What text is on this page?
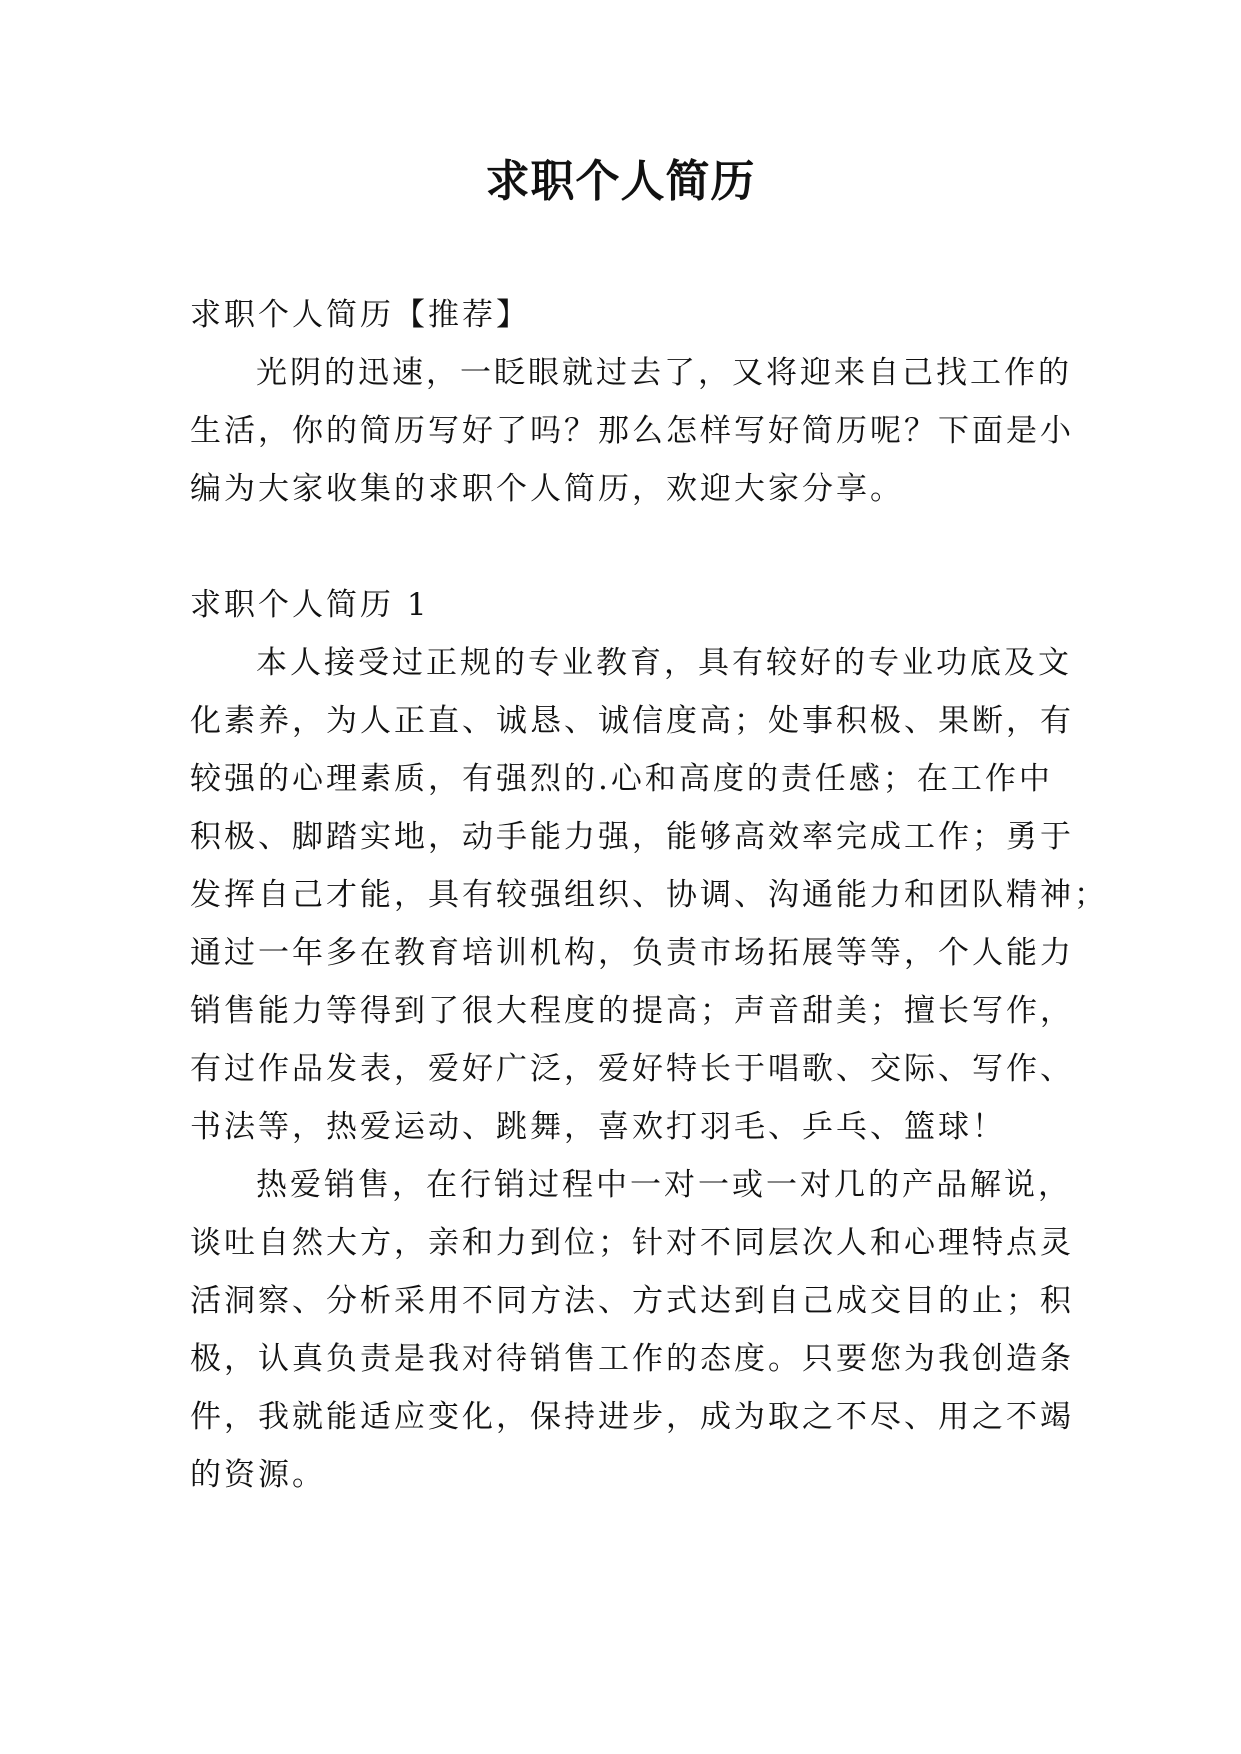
求职个人简历
求职个人简历【推荐】
光阴的迅速，一眨眼就过去了，又将迎来自己找工作的
生活，你的简历写好了吗？那么怎样写好简历呢？下面是小
编为大家收集的求职个人简历，欢迎大家分享。
求职个人简历 1
本人接受过正规的专业教育，具有较好的专业功底及文
化素养，为人正直、诚恳、诚信度高；处事积极、果断，有
较强的心理素质，有强烈的.心和高度的责任感；在工作中
积极、脚踏实地，动手能力强，能够高效率完成工作；勇于
发挥自己才能，具有较强组织、协调、沟通能力和团队精神；
通过一年多在教育培训机构，负责市场拓展等等，个人能力
销售能力等得到了很大程度的提高；声音甜美；擅长写作，
有过作品发表，爱好广泛，爱好特长于唱歌、交际、写作、
书法等，热爱运动、跳舞，喜欢打羽毛、乒乓、篮球！
热爱销售，在行销过程中一对一或一对几的产品解说，
谈吐自然大方，亲和力到位；针对不同层次人和心理特点灵
活洞察、分析采用不同方法、方式达到自己成交目的止；积
极，认真负责是我对待销售工作的态度。只要您为我创造条
件，我就能适应变化，保持进步，成为取之不尽、用之不竭
的资源。
